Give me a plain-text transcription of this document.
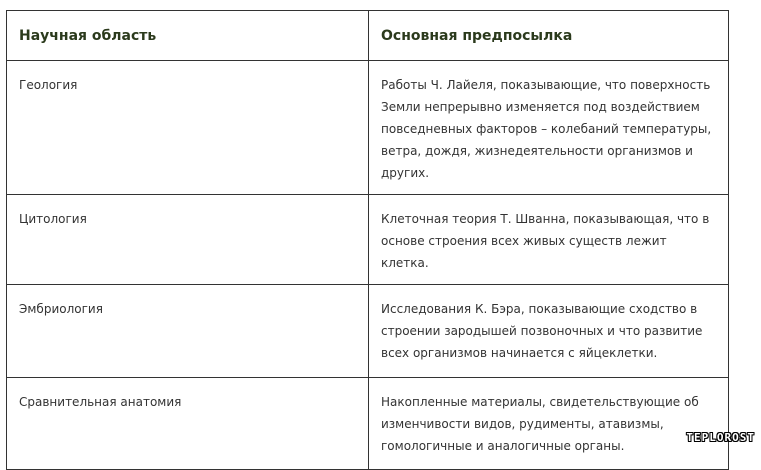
Научная область	Основная предпосылка
Геология	Работы Ч. Лайеля, показывающие, что поверхность Земли непрерывно изменяется под воздействием повседневных факторов – колебаний температуры, ветра, дождя, жизнедеятельности организмов и других.
Цитология	Клеточная теория Т. Шванна, показывающая, что в основе строения всех живых существ лежит клетка.
Эмбриология	Исследования К. Бэра, показывающие сходство в строении зародышей позвоночных и что развитие всех организмов начинается с яйцеклетки.
Сравнительная анатомия	Накопленные материалы, свидетельствующие об изменчивости видов, рудименты, атавизмы, гомологичные и аналогичные органы.
TEPLOROST
